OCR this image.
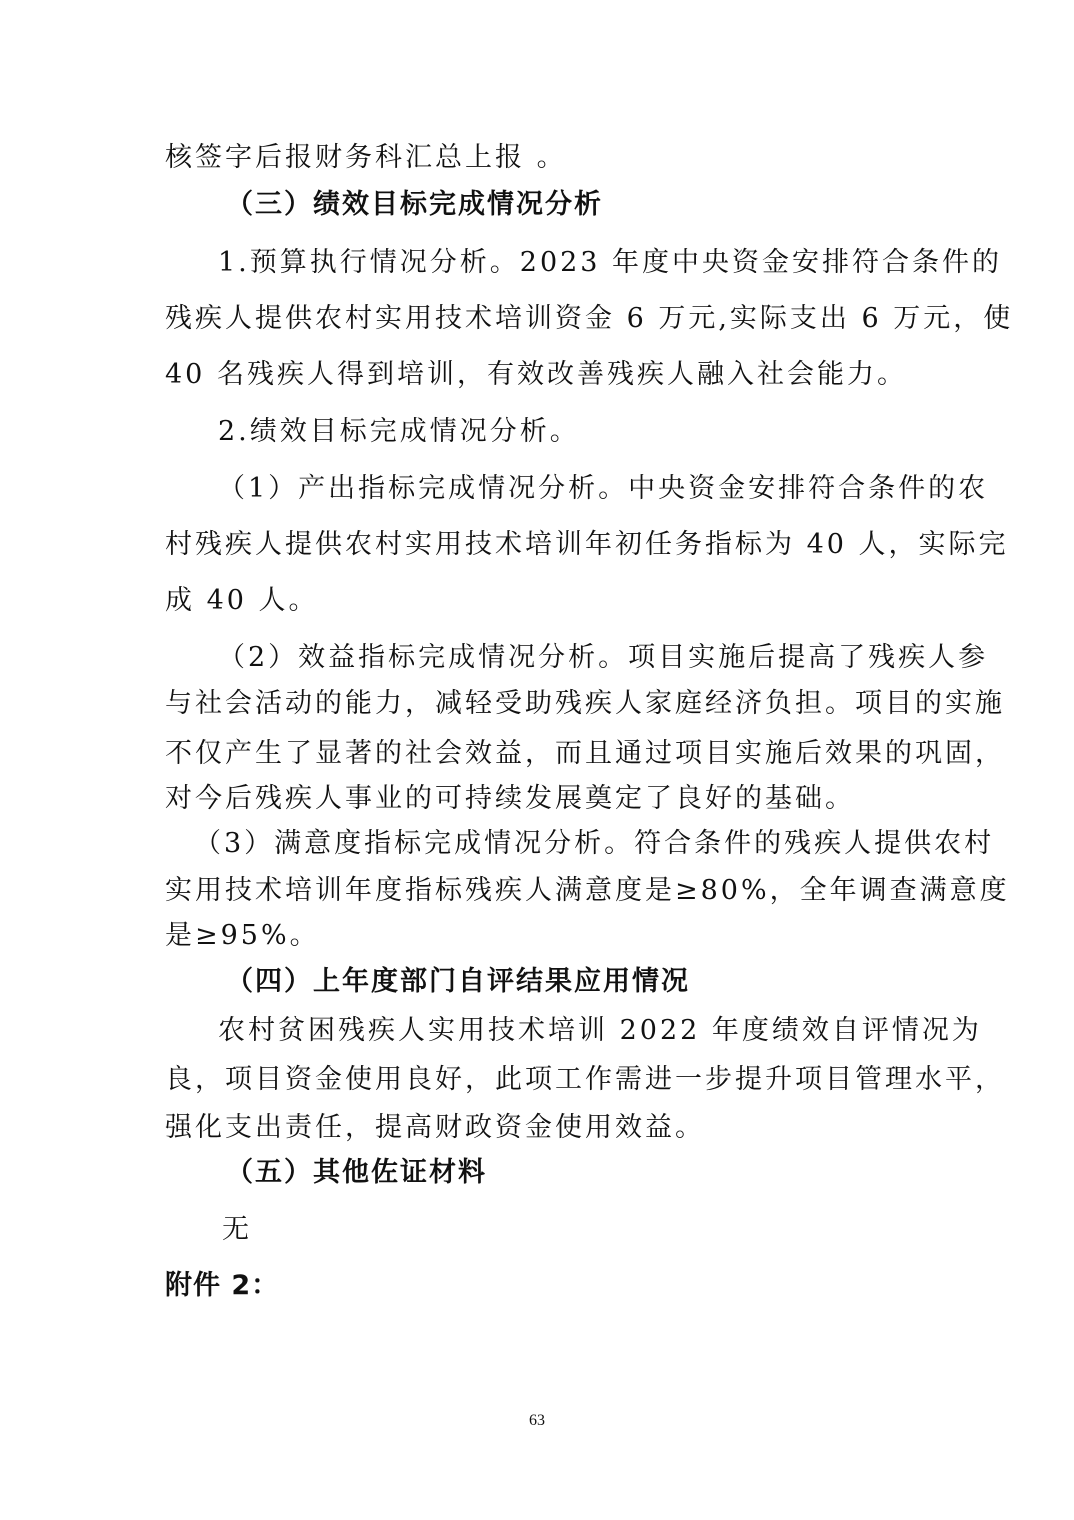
核签字后报财务科汇总上报 。
（三）绩效目标完成情况分析
1.预算执行情况分析。2023 年度中央资金安排符合条件的
残疾人提供农村实用技术培训资金 6 万元,实际支出 6 万元，使
40 名残疾人得到培训，有效改善残疾人融入社会能力。
2.绩效目标完成情况分析。
（1）产出指标完成情况分析。中央资金安排符合条件的农
村残疾人提供农村实用技术培训年初任务指标为 40 人，实际完
成 40 人。
（2）效益指标完成情况分析。项目实施后提高了残疾人参
与社会活动的能力，减轻受助残疾人家庭经济负担。项目的实施
不仅产生了显著的社会效益，而且通过项目实施后效果的巩固，
对今后残疾人事业的可持续发展奠定了良好的基础。
（3）满意度指标完成情况分析。符合条件的残疾人提供农村
实用技术培训年度指标残疾人满意度是≥80%，全年调查满意度
是≥95%。
（四）上年度部门自评结果应用情况
农村贫困残疾人实用技术培训 2022 年度绩效自评情况为
良，项目资金使用良好，此项工作需进一步提升项目管理水平，
强化支出责任，提高财政资金使用效益。
（五）其他佐证材料
无
附件 2：
63
